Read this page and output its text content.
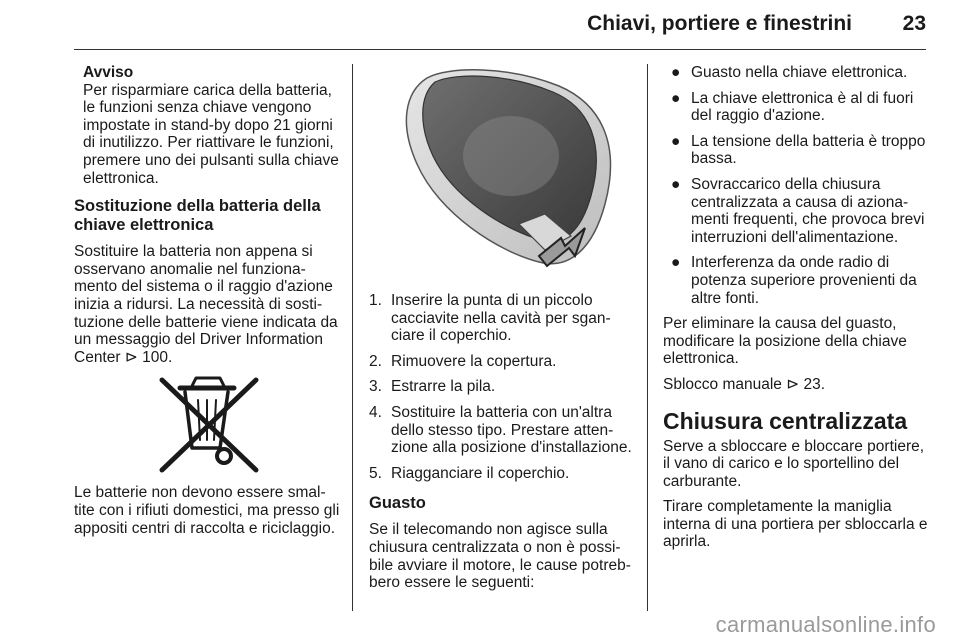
Chiavi, portiere e finestrini 23
Avviso
Per risparmiare carica della batteria, le funzioni senza chiave vengono impostate in stand-by dopo 21 giorni di inutilizzo. Per riattivare le funzioni, premere uno dei pulsanti sulla chiave elettronica.
Sostituzione della batteria della chiave elettronica

Sostituire la batteria non appena si osservano anomalie nel funzionamento del sistema o il raggio d'azione inizia a ridursi. La necessità di sostituzione delle batterie viene indicata da un messaggio del Driver Information Center ⊳ 100.

Le batterie non devono essere smaltite con i rifiuti domestici, ma presso gli appositi centri di raccolta e riciclaggio.

1. Inserire la punta di un piccolo cacciavite nella cavità per sganciare il coperchio.
2. Rimuovere la copertura.
3. Estrarre la pila.
4. Sostituire la batteria con un'altra dello stesso tipo. Prestare attenzione alla posizione d'installazione.
5. Riagganciare il coperchio.
Guasto

Se il telecomando non agisce sulla chiusura centralizzata o non è possibile avviare il motore, le cause potrebbero essere le seguenti:

● Guasto nella chiave elettronica.
● La chiave elettronica è al di fuori del raggio d'azione.
● La tensione della batteria è troppo bassa.
● Sovraccarico della chiusura centralizzata a causa di azionamenti frequenti, che provoca brevi interruzioni dell'alimentazione.
● Interferenza da onde radio di potenza superiore provenienti da altre fonti.

Per eliminare la causa del guasto, modificare la posizione della chiave elettronica.

Sblocco manuale ⊳ 23.

Chiusura centralizzata

Serve a sbloccare e bloccare portiere, il vano di carico e lo sportellino del carburante.

Tirare completamente la maniglia interna di una portiera per sbloccarla e aprirla.

carmanualsonline.info
